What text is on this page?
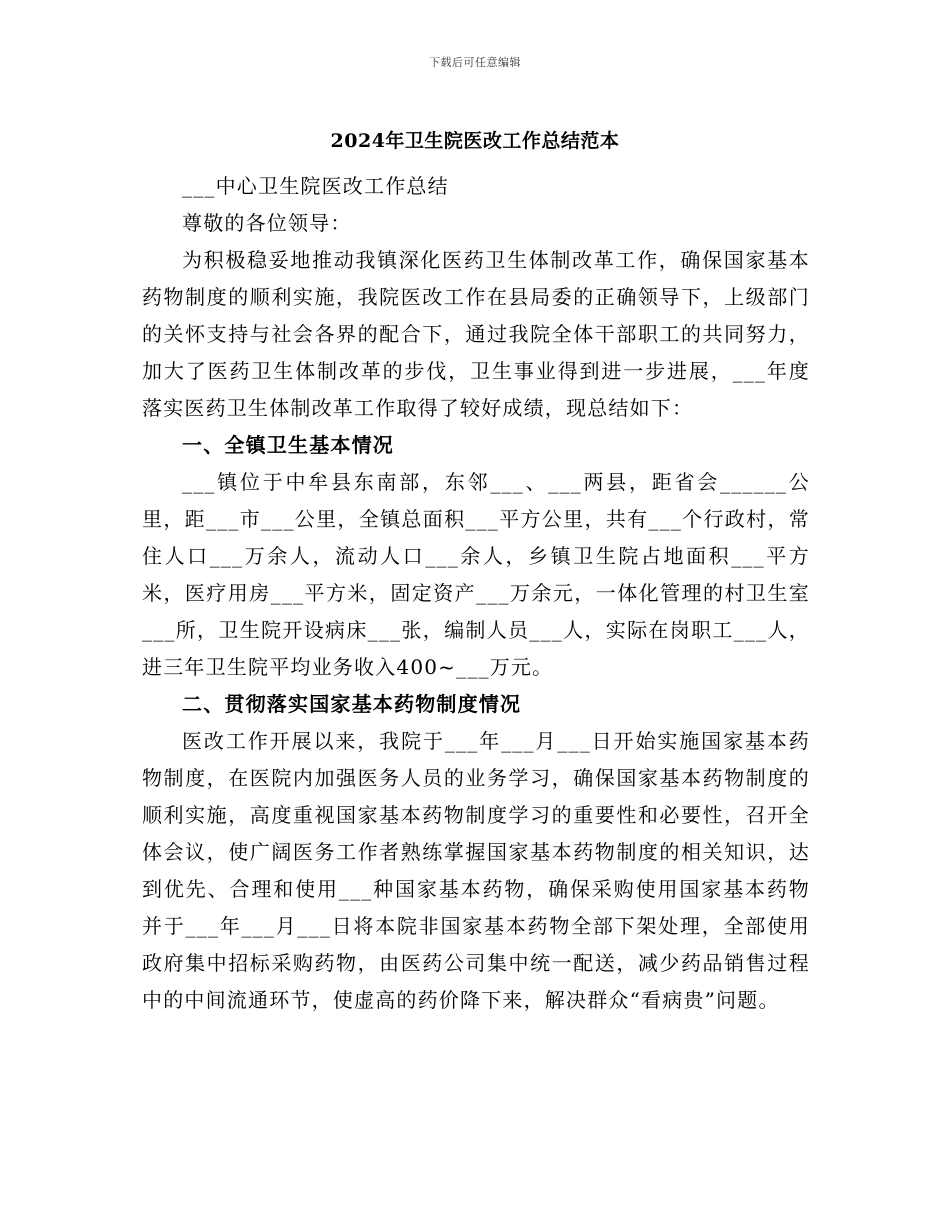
下载后可任意编辑
2024年卫生院医改工作总结范本

___中心卫生院医改工作总结

尊敬的各位领导：

为积极稳妥地推动我镇深化医药卫生体制改革工作，确保国家基本药物制度的顺利实施，我院医改工作在县局委的正确领导下，上级部门的关怀支持与社会各界的配合下，通过我院全体干部职工的共同努力，加大了医药卫生体制改革的步伐，卫生事业得到进一步进展，___年度落实医药卫生体制改革工作取得了较好成绩，现总结如下：

一、全镇卫生基本情况

___镇位于中牟县东南部，东邻___、___两县，距省会______公里，距___市___公里，全镇总面积___平方公里，共有___个行政村，常住人口___万余人，流动人口___余人，乡镇卫生院占地面积___平方米，医疗用房___平方米，固定资产___万余元，一体化管理的村卫生室___所，卫生院开设病床___张，编制人员___人，实际在岗职工___人，进三年卫生院平均业务收入400~___万元。

二、贯彻落实国家基本药物制度情况

医改工作开展以来，我院于___年___月___日开始实施国家基本药物制度，在医院内加强医务人员的业务学习，确保国家基本药物制度的顺利实施，高度重视国家基本药物制度学习的重要性和必要性，召开全体会议，使广阔医务工作者熟练掌握国家基本药物制度的相关知识，达到优先、合理和使用___种国家基本药物，确保采购使用国家基本药物并于___年___月___日将本院非国家基本药物全部下架处理，全部使用政府集中招标采购药物，由医药公司集中统一配送，减少药品销售过程中的中间流通环节，使虚高的药价降下来，解决群众“看病贵”问题。
